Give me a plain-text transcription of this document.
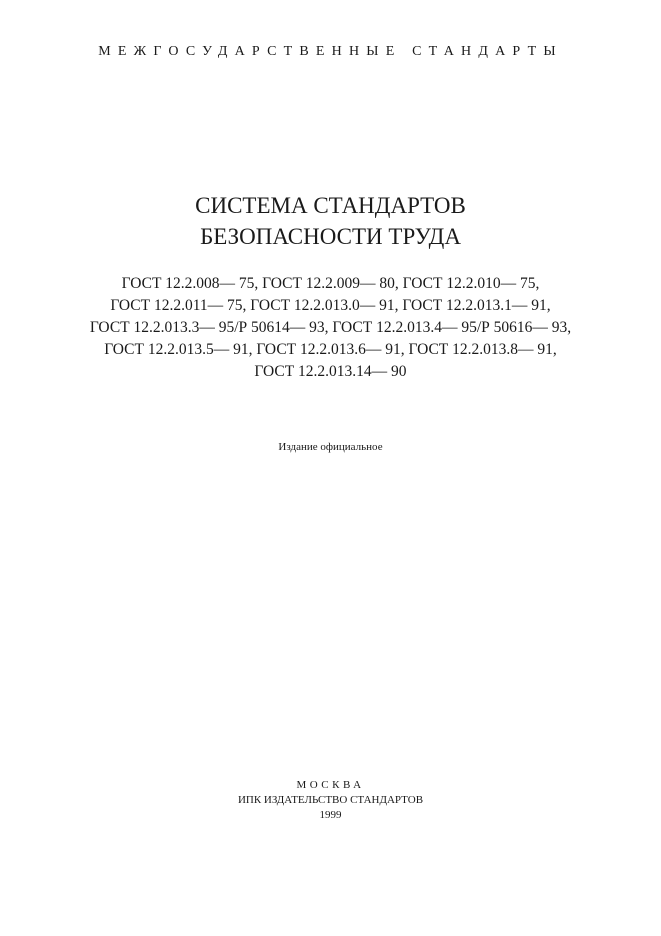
МЕЖГОСУДАРСТВЕННЫЕ СТАНДАРТЫ
СИСТЕМА СТАНДАРТОВ
БЕЗОПАСНОСТИ ТРУДА
ГОСТ 12.2.008— 75, ГОСТ 12.2.009— 80, ГОСТ 12.2.010— 75,
ГОСТ 12.2.011— 75, ГОСТ 12.2.013.0— 91, ГОСТ 12.2.013.1— 91,
ГОСТ 12.2.013.3— 95/Р 50614— 93, ГОСТ 12.2.013.4— 95/Р 50616— 93,
ГОСТ 12.2.013.5— 91, ГОСТ 12.2.013.6— 91, ГОСТ 12.2.013.8— 91,
ГОСТ 12.2.013.14— 90
Издание официальное
МОСКВА
ИПК ИЗДАТЕЛЬСТВО СТАНДАРТОВ
1999
